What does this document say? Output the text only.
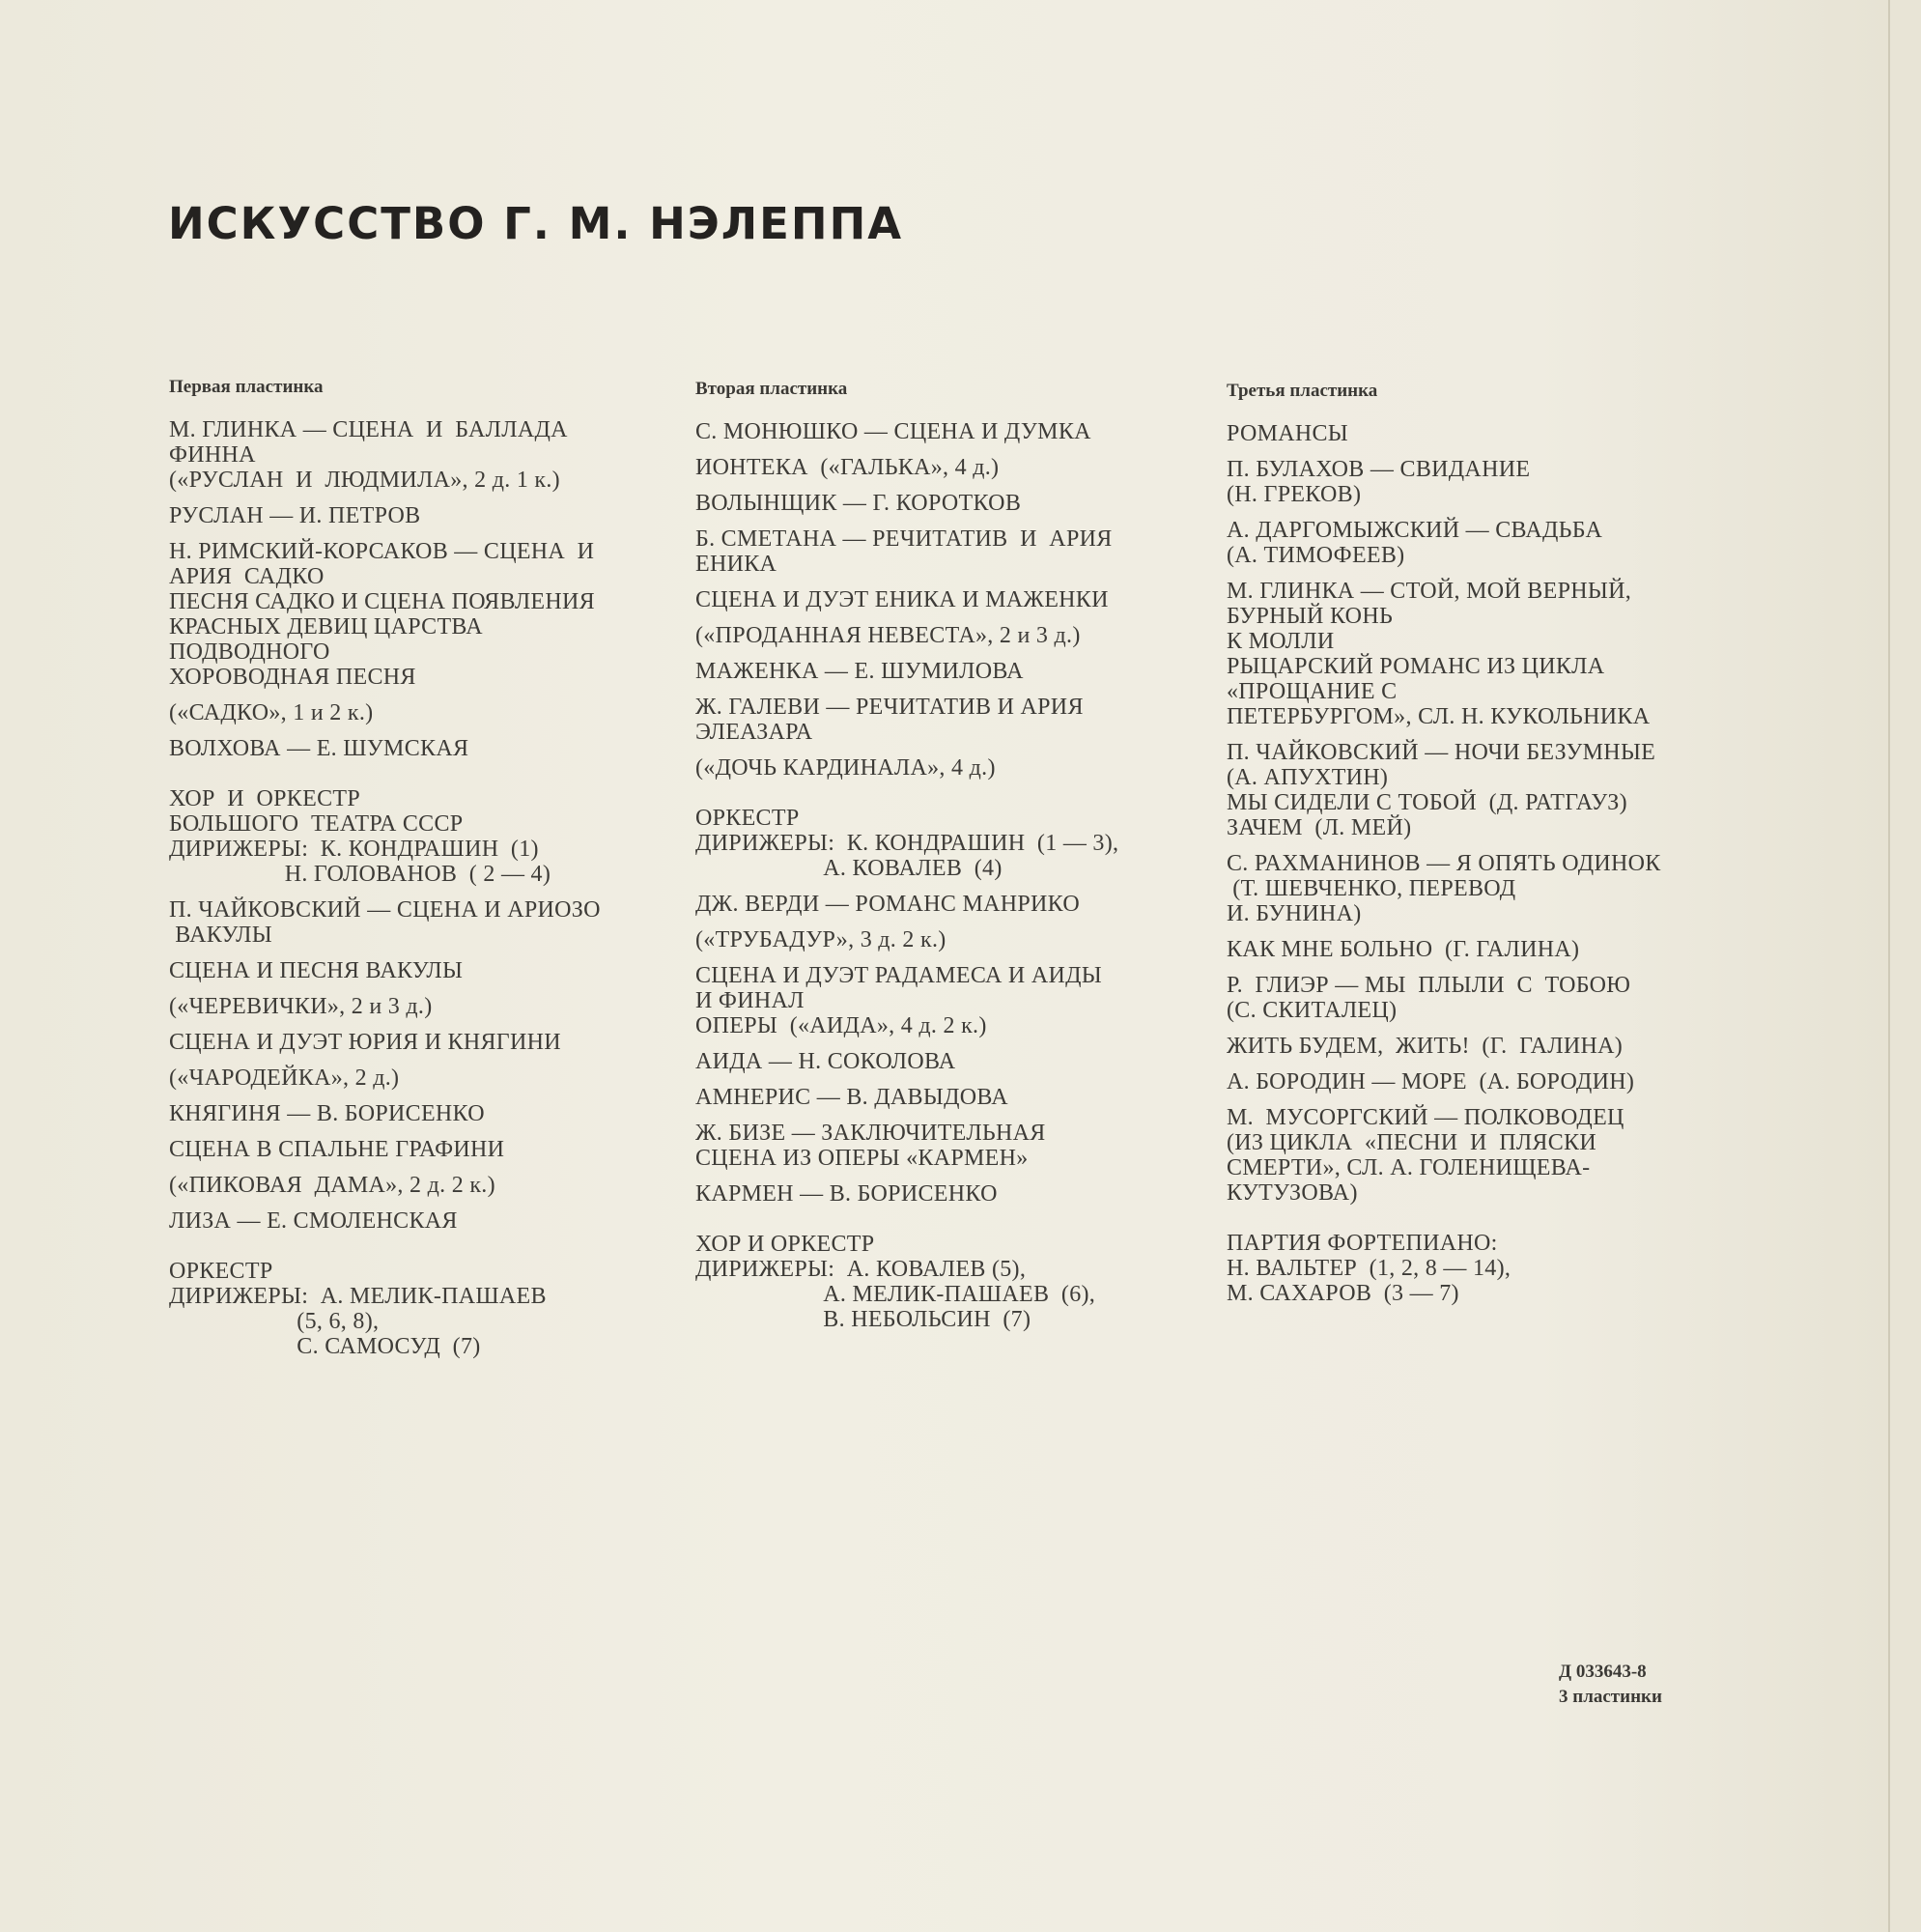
ИСКУССТВО Г. М. НЭЛЕППА
Первая пластинка
М. ГЛИНКА — СЦЕНА  И  БАЛЛАДА
ФИННА
(«РУСЛАН  И  ЛЮДМИЛА», 2 д. 1 к.)
РУСЛАН — И. ПЕТРОВ
Н. РИМСКИЙ-КОРСАКОВ — СЦЕНА  И
АРИЯ  САДКО
ПЕСНЯ САДКО И СЦЕНА ПОЯВЛЕНИЯ
КРАСНЫХ ДЕВИЦ ЦАРСТВА
ПОДВОДНОГО
ХОРОВОДНАЯ ПЕСНЯ
(«САДКО», 1 и 2 к.)
ВОЛХОВА — Е. ШУМСКАЯ
ХОР  И  ОРКЕСТР
БОЛЬШОГО  ТЕАТРА СССР
ДИРИЖЕРЫ:  К. КОНДРАШИН  (1)
Н. ГОЛОВАНОВ  ( 2 — 4)
П. ЧАЙКОВСКИЙ — СЦЕНА И АРИОЗО
ВАКУЛЫ
СЦЕНА И ПЕСНЯ ВАКУЛЫ
(«ЧЕРЕВИЧКИ», 2 и 3 д.)
СЦЕНА И ДУЭТ ЮРИЯ И КНЯГИНИ
(«ЧАРОДЕЙКА», 2 д.)
КНЯГИНЯ — В. БОРИСЕНКО
СЦЕНА В СПАЛЬНЕ ГРАФИНИ
(«ПИКОВАЯ  ДАМА», 2 д. 2 к.)
ЛИЗА — Е. СМОЛЕНСКАЯ
ОРКЕСТР
ДИРИЖЕРЫ:  А. МЕЛИК-ПАШАЕВ
(5, 6, 8),
С. САМОСУД  (7)
Вторая пластинка
С. МОНЮШКО — СЦЕНА И ДУМКА
ИОНТЕКА  («ГАЛЬКА», 4 д.)
ВОЛЫНЩИК — Г. КОРОТКОВ
Б. СМЕТАНА — РЕЧИТАТИВ  И  АРИЯ
ЕНИКА
СЦЕНА И ДУЭТ ЕНИКА И МАЖЕНКИ
(«ПРОДАННАЯ НЕВЕСТА», 2 и 3 д.)
МАЖЕНКА — Е. ШУМИЛОВА
Ж. ГАЛЕВИ — РЕЧИТАТИВ И АРИЯ
ЭЛЕАЗАРА
(«ДОЧЬ КАРДИНАЛА», 4 д.)
ОРКЕСТР
ДИРИЖЕРЫ:  К. КОНДРАШИН  (1 — 3),
А. КОВАЛЕВ  (4)
ДЖ. ВЕРДИ — РОМАНС МАНРИКО
(«ТРУБАДУР», 3 д. 2 к.)
СЦЕНА И ДУЭТ РАДАМЕСА И АИДЫ
И ФИНАЛ
ОПЕРЫ  («АИДА», 4 д. 2 к.)
АИДА — Н. СОКОЛОВА
АМНЕРИС — В. ДАВЫДОВА
Ж. БИЗЕ — ЗАКЛЮЧИТЕЛЬНАЯ
СЦЕНА ИЗ ОПЕРЫ «КАРМЕН»
КАРМЕН — В. БОРИСЕНКО
ХОР И ОРКЕСТР
ДИРИЖЕРЫ:  А. КОВАЛЕВ (5),
А. МЕЛИК-ПАШАЕВ  (6),
В. НЕБОЛЬСИН  (7)
Третья пластинка
РОМАНСЫ
П. БУЛАХОВ — СВИДАНИЕ
(Н. ГРЕКОВ)
А. ДАРГОМЫЖСКИЙ — СВАДЬБА
(А. ТИМОФЕЕВ)
М. ГЛИНКА — СТОЙ, МОЙ ВЕРНЫЙ,
БУРНЫЙ КОНЬ
К МОЛЛИ
РЫЦАРСКИЙ РОМАНС ИЗ ЦИКЛА
«ПРОЩАНИЕ С
ПЕТЕРБУРГОМ», СЛ. Н. КУКОЛЬНИКА
П. ЧАЙКОВСКИЙ — НОЧИ БЕЗУМНЫЕ
(А. АПУХТИН)
МЫ СИДЕЛИ С ТОБОЙ  (Д. РАТГАУЗ)
ЗАЧЕМ  (Л. МЕЙ)
С. РАХМАНИНОВ — Я ОПЯТЬ ОДИНОК
(Т. ШЕВЧЕНКО, ПЕРЕВОД
И. БУНИНА)
КАК МНЕ БОЛЬНО  (Г. ГАЛИНА)
Р.  ГЛИЭР — МЫ  ПЛЫЛИ  С  ТОБОЮ
(С. СКИТАЛЕЦ)
ЖИТЬ БУДЕМ,  ЖИТЬ!  (Г.  ГАЛИНА)
А. БОРОДИН — МОРЕ  (А. БОРОДИН)
М.  МУСОРГСКИЙ — ПОЛКОВОДЕЦ
(ИЗ ЦИКЛА  «ПЕСНИ  И  ПЛЯСКИ
СМЕРТИ», СЛ. А. ГОЛЕНИЩЕВА-
КУТУЗОВА)
ПАРТИЯ ФОРТЕПИАНО:
Н. ВАЛЬТЕР  (1, 2, 8 — 14),
М. САХАРОВ  (3 — 7)
Д 033643-8
3 пластинки
